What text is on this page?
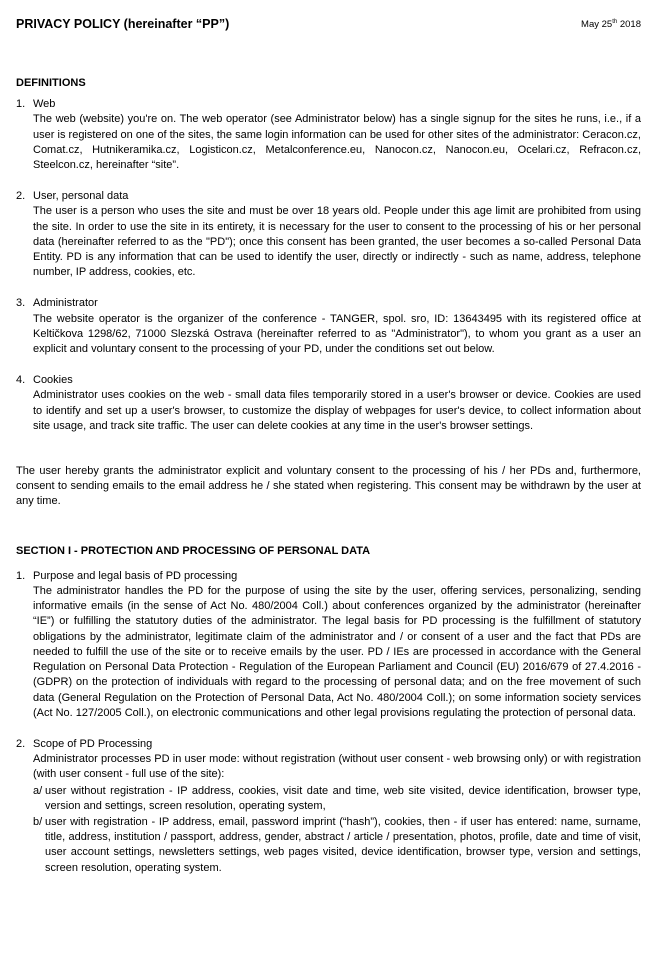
PRIVACY POLICY (hereinafter “PP”)	May 25th 2018
DEFINITIONS
1. Web

The web (website) you're on. The web operator (see Administrator below) has a single signup for the sites he runs, i.e., if a user is registered on one of the sites, the same login information can be used for other sites of the administrator: Ceracon.cz, Comat.cz, Hutnikeramika.cz, Logisticon.cz, Metalconference.eu, Nanocon.cz, Nanocon.eu, Ocelari.cz, Refracon.cz, Steelcon.cz, hereinafter “site”.

2. User, personal data

The user is a person who uses the site and must be over 18 years old. People under this age limit are prohibited from using the site. In order to use the site in its entirety, it is necessary for the user to consent to the processing of his or her personal data (hereinafter referred to as the "PD"); once this consent has been granted, the user becomes a so-called Personal Data Entity. PD is any information that can be used to identify the user, directly or indirectly - such as name, address, telephone number, IP address, cookies, etc.

3. Administrator

The website operator is the organizer of the conference - TANGER, spol. sro, ID: 13643495 with its registered office at Keltičkova 1298/62, 71000 Slezská Ostrava (hereinafter referred to as "Administrator"), to whom you grant as a user an explicit and voluntary consent to the processing of your PD, under the conditions set out below.

4. Cookies

Administrator uses cookies on the web - small data files temporarily stored in a user's browser or device. Cookies are used to identify and set up a user's browser, to customize the display of webpages for user's device, to collect information about site usage, and track site traffic. The user can delete cookies at any time in the user's browser settings.

The user hereby grants the administrator explicit and voluntary consent to the processing of his / her PDs and, furthermore, consent to sending emails to the email address he / she stated when registering. This consent may be withdrawn by the user at any time.

SECTION I - PROTECTION AND PROCESSING OF PERSONAL DATA
1. Purpose and legal basis of PD processing

The administrator handles the PD for the purpose of using the site by the user, offering services, personalizing, sending informative emails (in the sense of Act No. 480/2004 Coll.) about conferences organized by the administrator (hereinafter “IE”) or fulfilling the statutory duties of the administrator. The legal basis for PD processing is the fulfillment of statutory obligations by the administrator, legitimate claim of the administrator and / or consent of a user and the fact that PDs are needed to fulfill the use of the site or to receive emails by the user. PD / IEs are processed in accordance with the General Regulation on Personal Data Protection - Regulation of the European Parliament and Council (EU) 2016/679 of 27.4.2016 - (GDPR) on the protection of individuals with regard to the processing of personal data; and on the free movement of such data (General Regulation on the Protection of Personal Data, Act No. 480/2004 Coll.); on some information society services (Act No. 127/2005 Coll.), on electronic communications and other legal provisions regulating the protection of personal data.

2. Scope of PD Processing

Administrator processes PD in user mode: without registration (without user consent - web browsing only) or with registration (with user consent - full use of the site):

a/ user without registration - IP address, cookies, visit date and time, web site visited, device identification, browser type, version and settings, screen resolution, operating system,

b/ user with registration - IP address, email, password imprint (“hash”), cookies, then - if user has entered: name, surname, title, address, institution / passport, address, gender, abstract / article / presentation, photos, profile, date and time of visit, user account settings, newsletters settings, web pages visited, device identification, browser type, version and settings, screen resolution, operating system.
